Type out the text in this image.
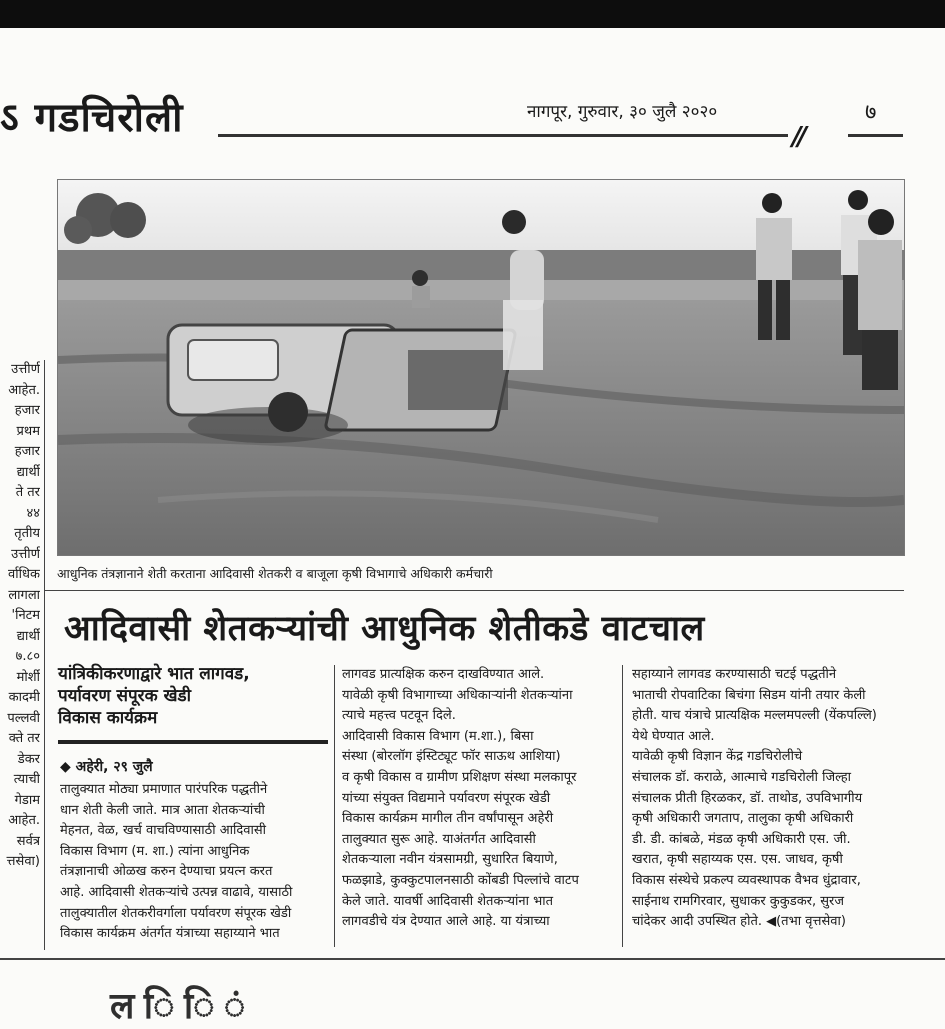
ऽ गडचिरोली	नागपूर, गुरुवार, ३० जुलै २०२०
//
७
उत्तीर्ण
आहेत.
हजार
प्रथम
हजार
द्यार्थी
ते तर
४४
तृतीय
उत्तीर्ण
र्वाधिक
लागला
'निटम
द्यार्थी
७.८०
मोर्शी
कादमी
पल्लवी
क्ते तर
डेकर
त्याची
गेडाम
आहेत.
सर्वत्र
त्तसेवा)
आधुनिक तंत्रज्ञानाने शेती करताना आदिवासी शेतकरी व बाजूला कृषी विभागाचे अधिकारी कर्मचारी
आदिवासी शेतकऱ्यांची आधुनिक शेतीकडे वाटचाल
यांत्रिकीकरणाद्वारे भात लागवड,
पर्यावरण संपूरक खेडी
विकास कार्यक्रम
◆ अहेरी, २९ जुलै
तालुक्यात मोठ्या प्रमाणात पारंपरिक पद्धतीने
धान शेती केली जाते. मात्र आता शेतकऱ्यांची
मेहनत, वेळ, खर्च वाचविण्यासाठी आदिवासी
विकास विभाग (म. शा.) त्यांना आधुनिक
तंत्रज्ञानाची ओळख करुन देण्याचा प्रयत्न करत
आहे. आदिवासी शेतकऱ्यांचे उत्पन्न वाढावे, यासाठी
तालुक्यातील शेतकरीवर्गाला पर्यावरण संपूरक खेडी
विकास कार्यक्रम अंतर्गत यंत्राच्या सहाय्याने भात
लागवड प्रात्यक्षिक करुन दाखविण्यात आले.
यावेळी कृषी विभागाच्या अधिकाऱ्यांनी शेतकऱ्यांना
त्याचे महत्त्व पटवून दिले.
आदिवासी विकास विभाग (म.शा.), बिसा
संस्था (बोरलॉग इंस्टिट्यूट फॉर साऊथ आशिया)
व कृषी विकास व ग्रामीण प्रशिक्षण संस्था मलकापूर
यांच्या संयुक्त विद्यमाने पर्यावरण संपूरक खेडी
विकास कार्यक्रम मागील तीन वर्षांपासून अहेरी
तालुक्यात सुरू आहे. याअंतर्गत आदिवासी
शेतकऱ्याला नवीन यंत्रसामग्री, सुधारित बियाणे,
फळझाडे, कुक्कुटपालनसाठी कोंबडी पिल्लांचे वाटप
केले जाते. यावर्षी आदिवासी शेतकऱ्यांना भात
लागवडीचे यंत्र देण्यात आले आहे. या यंत्राच्या
सहाय्याने लागवड करण्यासाठी चटई पद्धतीने
भाताची रोपवाटिका बिचंगा सिडम यांनी तयार केली
होती. याच यंत्राचे प्रात्यक्षिक मल्लमपल्ली (येंकपल्लि)
येथे घेण्यात आले.
यावेळी कृषी विज्ञान केंद्र गडचिरोलीचे
संचालक डॉ. कराळे, आत्माचे गडचिरोली जिल्हा
संचालक प्रीती हिरळकर, डॉ. ताथोड, उपविभागीय
कृषी अधिकारी जगताप, तालुका कृषी अधिकारी
डी. डी. कांबळे, मंडळ कृषी अधिकारी एस. जी.
खरात, कृषी सहाय्यक एस. एस. जाधव, कृषी
विकास संस्थेचे प्रकल्प व्यवस्थापक वैभव धुंद्रावार,
साईनाथ रामगिरवार, सुधाकर कुकुडकर, सुरज
चांदेकर आदी उपस्थित होते. ◀(तभा वृत्तसेवा)
ल ि ि ं
